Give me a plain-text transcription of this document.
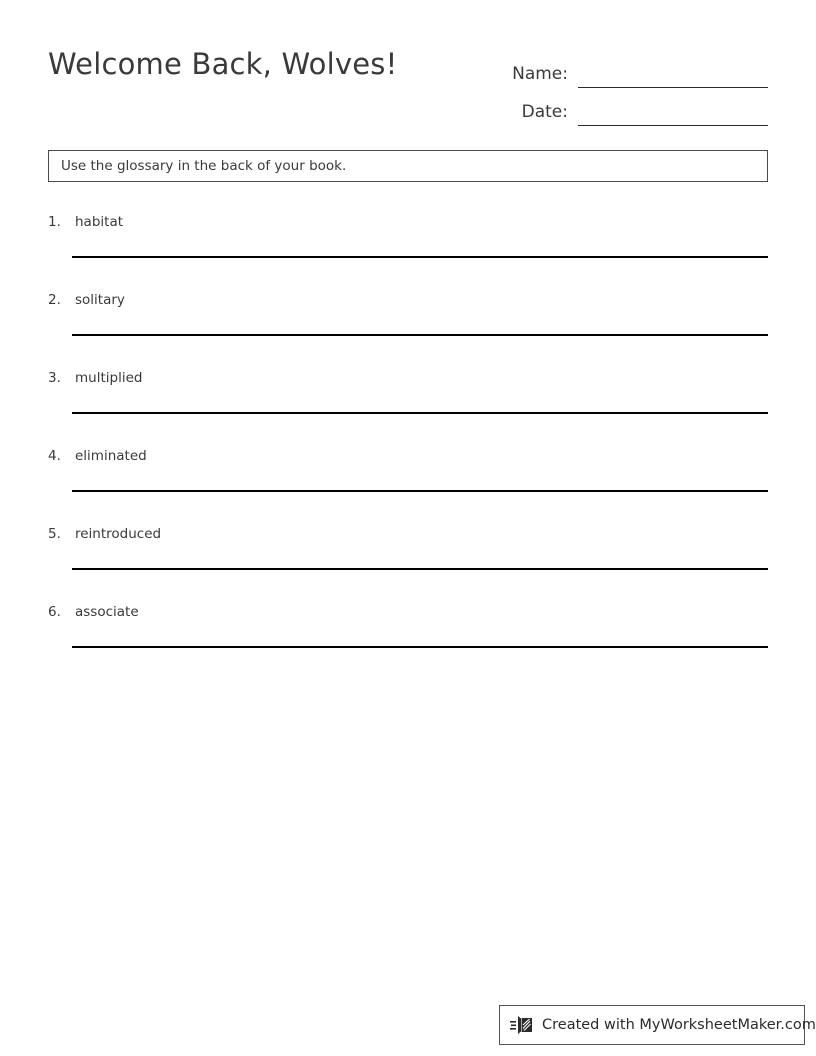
Welcome Back, Wolves!	Name:
Date:
Use the glossary in the back of your book.
1.	habitat
2.	solitary
3.	multiplied
4.	eliminated
5.	reintroduced
6.	associate
Created with MyWorksheetMaker.com
